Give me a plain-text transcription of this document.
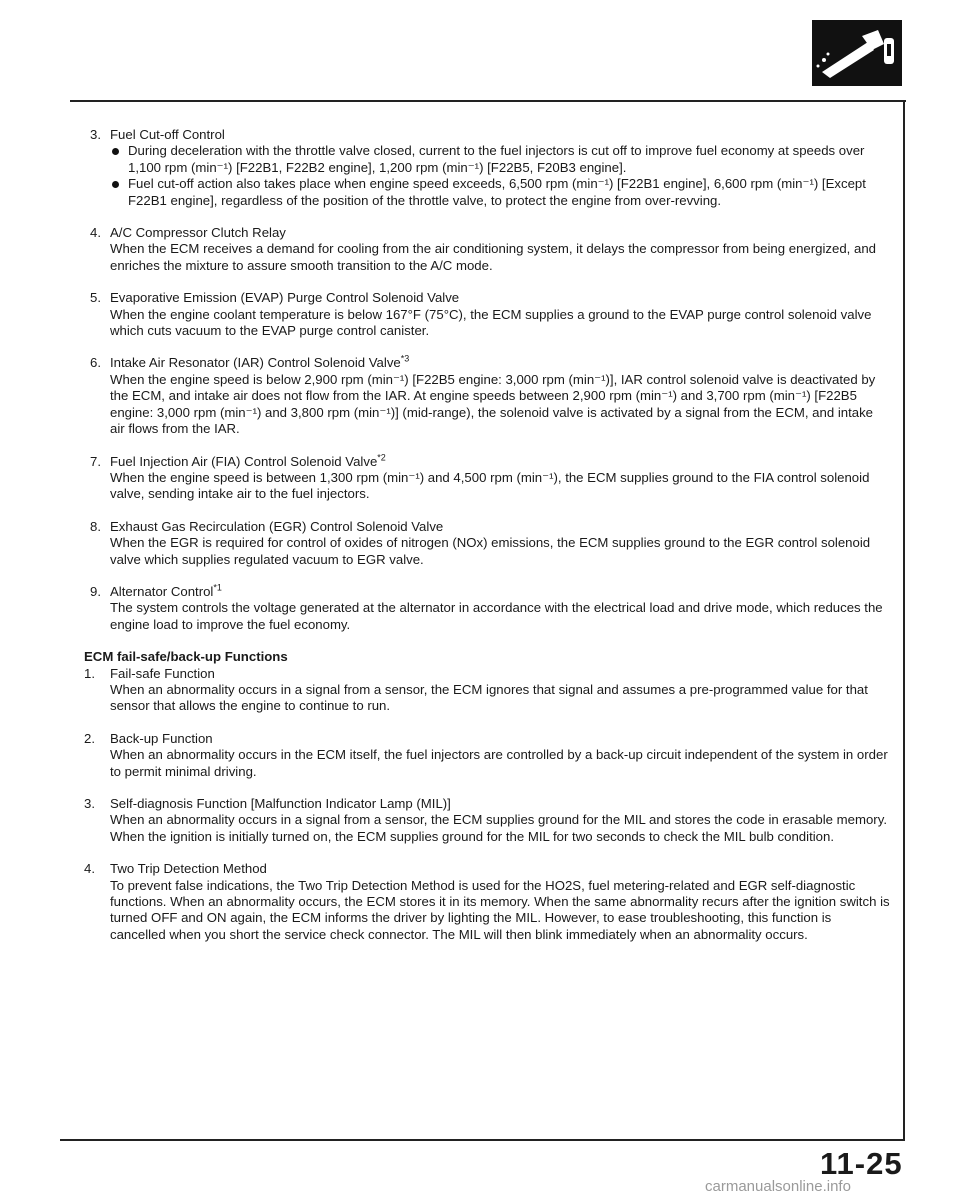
3. Fuel Cut-off Control

During deceleration with the throttle valve closed, current to the fuel injectors is cut off to improve fuel economy at speeds over 1,100 rpm (min⁻¹) [F22B1, F22B2 engine], 1,200 rpm (min⁻¹) [F22B5, F20B3 engine].

Fuel cut-off action also takes place when engine speed exceeds, 6,500 rpm (min⁻¹) [F22B1 engine], 6,600 rpm (min⁻¹) [Except F22B1 engine], regardless of the position of the throttle valve, to protect the engine from over-revving.

4. A/C Compressor Clutch Relay

When the ECM receives a demand for cooling from the air conditioning system, it delays the compressor from being energized, and enriches the mixture to assure smooth transition to the A/C mode.

5. Evaporative Emission (EVAP) Purge Control Solenoid Valve

When the engine coolant temperature is below 167°F (75°C), the ECM supplies a ground to the EVAP purge control solenoid valve which cuts vacuum to the EVAP purge control canister.

6. Intake Air Resonator (IAR) Control Solenoid Valve$^{*3}$

When the engine speed is below 2,900 rpm (min⁻¹) [F22B5 engine: 3,000 rpm (min⁻¹)], IAR control solenoid valve is deactivated by the ECM, and intake air does not flow from the IAR. At engine speeds between 2,900 rpm (min⁻¹) and 3,700 rpm (min⁻¹) [F22B5 engine: 3,000 rpm (min⁻¹) and 3,800 rpm (min⁻¹)] (mid-range), the solenoid valve is activated by a signal from the ECM, and intake air flows from the IAR.

7. Fuel Injection Air (FIA) Control Solenoid Valve$^{*2}$

When the engine speed is between 1,300 rpm (min⁻¹) and 4,500 rpm (min⁻¹), the ECM supplies ground to the FIA control solenoid valve, sending intake air to the fuel injectors.

8. Exhaust Gas Recirculation (EGR) Control Solenoid Valve

When the EGR is required for control of oxides of nitrogen (NOx) emissions, the ECM supplies ground to the EGR control solenoid valve which supplies regulated vacuum to EGR valve.

9. Alternator Control$^{*1}$

The system controls the voltage generated at the alternator in accordance with the electrical load and drive mode, which reduces the engine load to improve the fuel economy.

ECM fail-safe/back-up Functions

1. Fail-safe Function

When an abnormality occurs in a signal from a sensor, the ECM ignores that signal and assumes a pre-programmed value for that sensor that allows the engine to continue to run.

2. Back-up Function

When an abnormality occurs in the ECM itself, the fuel injectors are controlled by a back-up circuit independent of the system in order to permit minimal driving.

3. Self-diagnosis Function [Malfunction Indicator Lamp (MIL)]

When an abnormality occurs in a signal from a sensor, the ECM supplies ground for the MIL and stores the code in erasable memory. When the ignition is initially turned on, the ECM supplies ground for the MIL for two seconds to check the MIL bulb condition.

4. Two Trip Detection Method

To prevent false indications, the Two Trip Detection Method is used for the HO2S, fuel metering-related and EGR self-diagnostic functions. When an abnormality occurs, the ECM stores it in its memory. When the same abnormality recurs after the ignition switch is turned OFF and ON again, the ECM informs the driver by lighting the MIL. However, to ease troubleshooting, this function is cancelled when you short the service check connector. The MIL will then blink immediately when an abnormality occurs.

11-25
carmanualsonline.info
